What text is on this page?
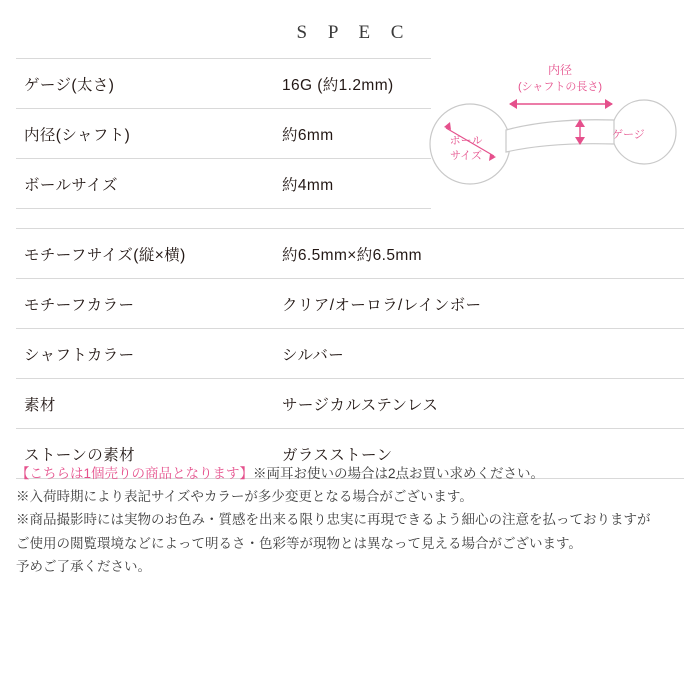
S P E C
ゲージ(太さ)	16G (約1.2mm)
内径(シャフト)	約6mm
ボールサイズ	約4mm
内径
(シャフトの長さ)
ゲージ
ボール
サイズ
モチーフサイズ(縦×横)	約6.5mm×約6.5mm
モチーフカラー	クリア/オーロラ/レインボー
シャフトカラー	シルバー
素材	サージカルステンレス
ストーンの素材	ガラスストーン
【こちらは1個売りの商品となります】※両耳お使いの場合は2点お買い求めください。
※入荷時期により表記サイズやカラーが多少変更となる場合がございます。
※商品撮影時には実物のお色み・質感を出来る限り忠実に再現できるよう細心の注意を払っておりますが
ご使用の閲覧環境などによって明るさ・色彩等が現物とは異なって見える場合がございます。
予めご了承ください。
